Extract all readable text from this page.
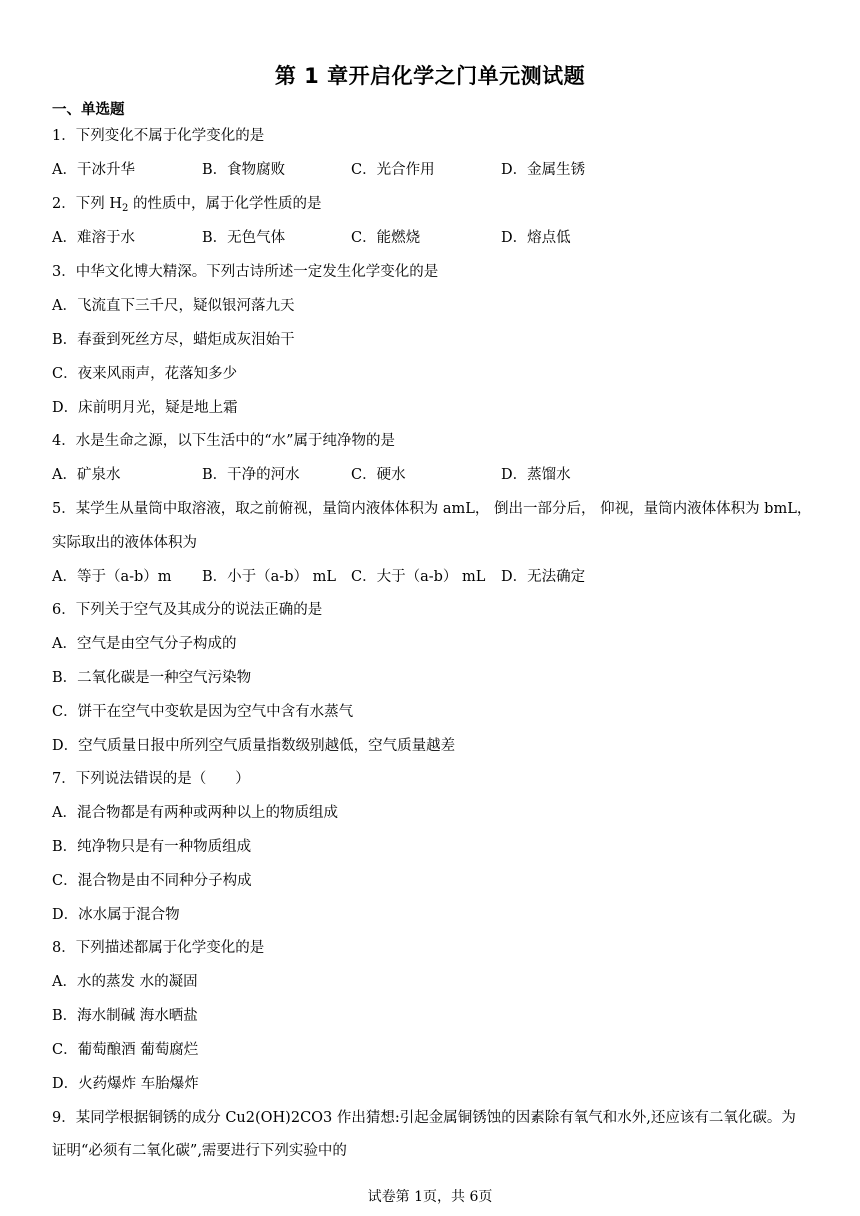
第 1 章开启化学之门单元测试题
一、单选题
1．下列变化不属于化学变化的是
A．干冰升华	B．食物腐败	C．光合作用	D．金属生锈
2．下列 $H_2$ 的性质中，属于化学性质的是
A．难溶于水	B．无色气体	C．能燃烧	D．熔点低
3．中华文化博大精深。下列古诗所述一定发生化学变化的是
A．飞流直下三千尺，疑似银河落九天
B．春蚕到死丝方尽，蜡炬成灰泪始干
C．夜来风雨声，花落知多少
D．床前明月光，疑是地上霜
4．水是生命之源，以下生活中的“水”属于纯净物的是
A．矿泉水	B．干净的河水	C．硬水	D．蒸馏水
5．某学生从量筒中取溶液，取之前俯视，量筒内液体体积为 amL， 倒出一部分后， 仰视，量筒内液体体积为 bmL，
实际取出的液体体积为
A．等于（a-b）m B．小于（a-b） mL C．大于（a-b） mL D．无法确定
6．下列关于空气及其成分的说法正确的是
A．空气是由空气分子构成的
B．二氧化碳是一种空气污染物
C．饼干在空气中变软是因为空气中含有水蒸气
D．空气质量日报中所列空气质量指数级别越低，空气质量越差
7．下列说法错误的是（　　）
A．混合物都是有两种或两种以上的物质组成
B．纯净物只是有一种物质组成
C．混合物是由不同种分子构成
D．冰水属于混合物
8．下列描述都属于化学变化的是
A．水的蒸发 水的凝固
B．海水制碱 海水晒盐
C．葡萄酿酒 葡萄腐烂
D．火药爆炸 车胎爆炸
9．某同学根据铜锈的成分 Cu2(OH)2CO3 作出猜想:引起金属铜锈蚀的因素除有氧气和水外,还应该有二氧化碳。为
证明“必须有二氧化碳”,需要进行下列实验中的
试卷第 1页，共 6页
